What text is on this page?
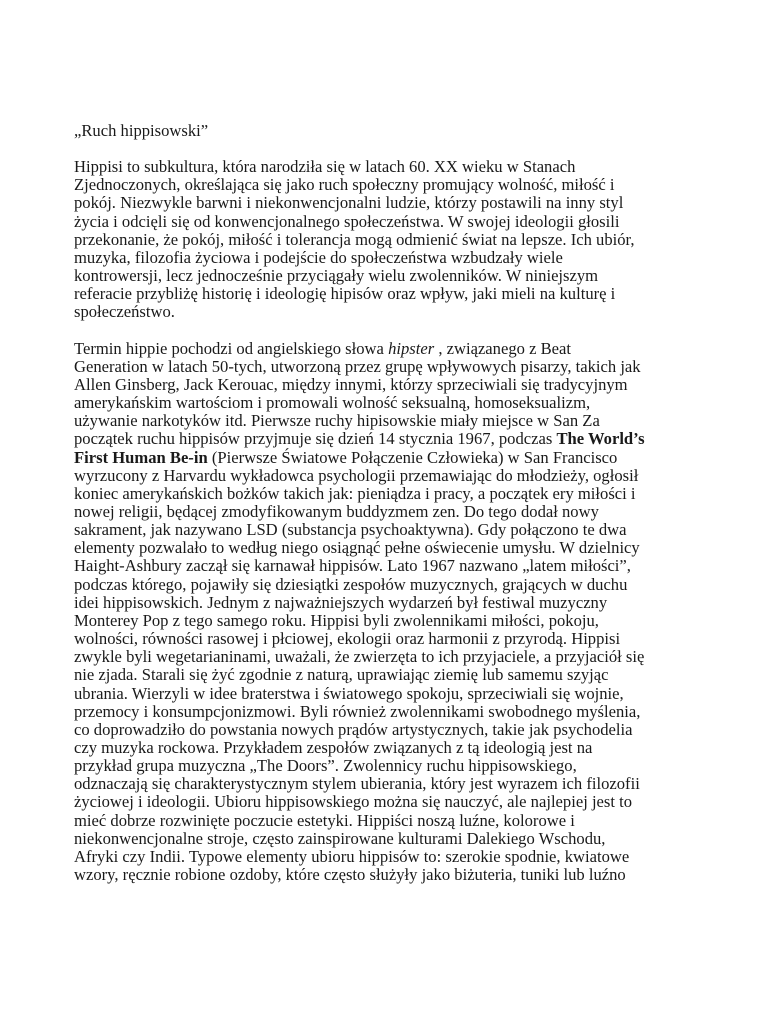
„Ruch hippisowski”

Hippisi to subkultura, która narodziła się w latach 60. XX wieku w Stanach
Zjednoczonych, określająca się jako ruch społeczny promujący wolność, miłość i
pokój. Niezwykle barwni i niekonwencjonalni ludzie, którzy postawili na inny styl
życia i odcięli się od konwencjonalnego społeczeństwa. W swojej ideologii głosili
przekonanie, że pokój, miłość i tolerancja mogą odmienić świat na lepsze. Ich ubiór,
muzyka, filozofia życiowa i podejście do społeczeństwa wzbudzały wiele
kontrowersji, lecz jednocześnie przyciągały wielu zwolenników. W niniejszym
referacie przybliżę historię i ideologię hipisów oraz wpływ, jaki mieli na kulturę i
społeczeństwo.

Termin hippie pochodzi od angielskiego słowa hipster , związanego z Beat
Generation w latach 50-tych, utworzoną przez grupę wpływowych pisarzy, takich jak
Allen Ginsberg, Jack Kerouac, między innymi, którzy sprzeciwiali się tradycyjnym
amerykańskim wartościom i promowali wolność seksualną, homoseksualizm,
używanie narkotyków itd. Pierwsze ruchy hipisowskie miały miejsce w San Za
początek ruchu hippisów przyjmuje się dzień 14 stycznia 1967, podczas The World’s
First Human Be-in (Pierwsze Światowe Połączenie Człowieka) w San Francisco
wyrzucony z Harvardu wykładowca psychologii przemawiając do młodzieży, ogłosił
koniec amerykańskich bożków takich jak: pieniądza i pracy, a początek ery miłości i
nowej religii, będącej zmodyfikowanym buddyzmem zen. Do tego dodał nowy
sakrament, jak nazywano LSD (substancja psychoaktywna). Gdy połączono te dwa
elementy pozwalało to według niego osiągnąć pełne oświecenie umysłu. W dzielnicy
Haight-Ashbury zaczął się karnawał hippisów. Lato 1967 nazwano „latem miłości”,
podczas którego, pojawiły się dziesiątki zespołów muzycznych, grających w duchu
idei hippisowskich. Jednym z najważniejszych wydarzeń był festiwal muzyczny
Monterey Pop z tego samego roku. Hippisi byli zwolennikami miłości, pokoju,
wolności, równości rasowej i płciowej, ekologii oraz harmonii z przyrodą. Hippisi
zwykle byli wegetarianinami, uważali, że zwierzęta to ich przyjaciele, a przyjaciół się
nie zjada. Starali się żyć zgodnie z naturą, uprawiając ziemię lub samemu szyjąc
ubrania. Wierzyli w idee braterstwa i światowego spokoju, sprzeciwiali się wojnie,
przemocy i konsumpcjonizmowi. Byli również zwolennikami swobodnego myślenia,
co doprowadziło do powstania nowych prądów artystycznych, takie jak psychodelia
czy muzyka rockowa. Przykładem zespołów związanych z tą ideologią jest na
przykład grupa muzyczna „The Doors”. Zwolennicy ruchu hippisowskiego,
odznaczają się charakterystycznym stylem ubierania, który jest wyrazem ich filozofii
życiowej i ideologii. Ubioru hippisowskiego można się nauczyć, ale najlepiej jest to
mieć dobrze rozwinięte poczucie estetyki. Hippiści noszą luźne, kolorowe i
niekonwencjonalne stroje, często zainspirowane kulturami Dalekiego Wschodu,
Afryki czy Indii. Typowe elementy ubioru hippisów to: szerokie spodnie, kwiatowe
wzory, ręcznie robione ozdoby, które często służyły jako biżuteria, tuniki lub luźno
